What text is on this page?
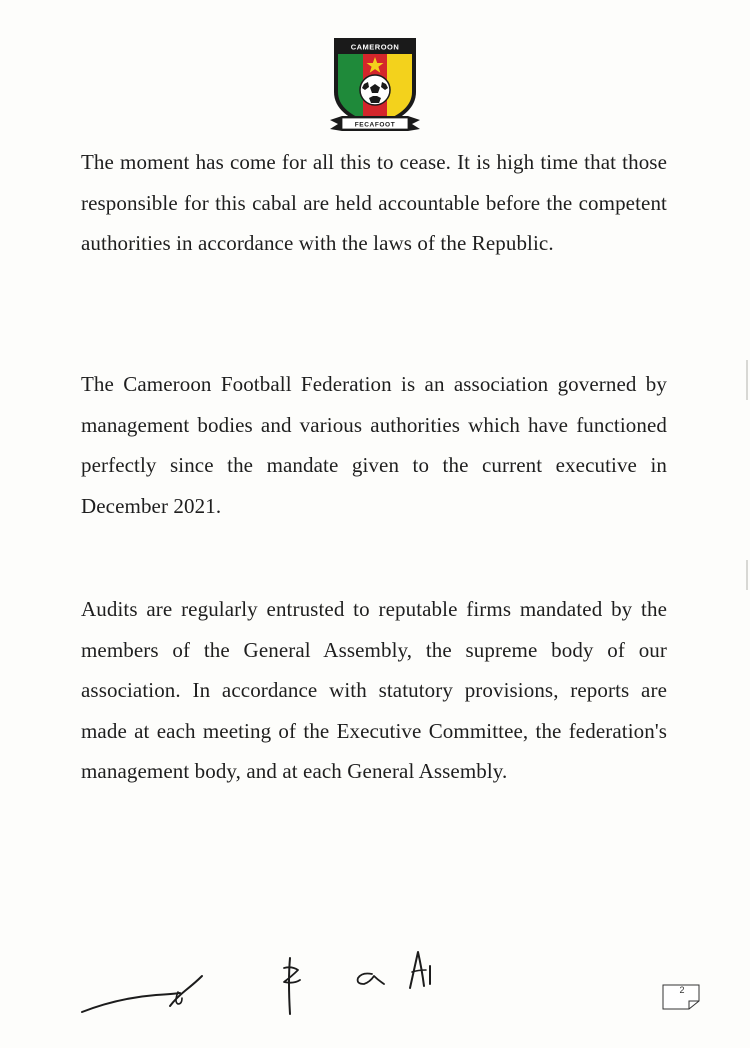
CAMEROON
FECAFOOT

The moment has come for all this to cease. It is high time that those responsible for this cabal are held accountable before the competent authorities in accordance with the laws of the Republic.

The Cameroon Football Federation is an association governed by management bodies and various authorities which have functioned perfectly since the mandate given to the current executive in December 2021.

Audits are regularly entrusted to reputable firms mandated by the members of the General Assembly, the supreme body of our association. In accordance with statutory provisions, reports are made at each meeting of the Executive Committee, the federation's management body, and at each General Assembly.

2
